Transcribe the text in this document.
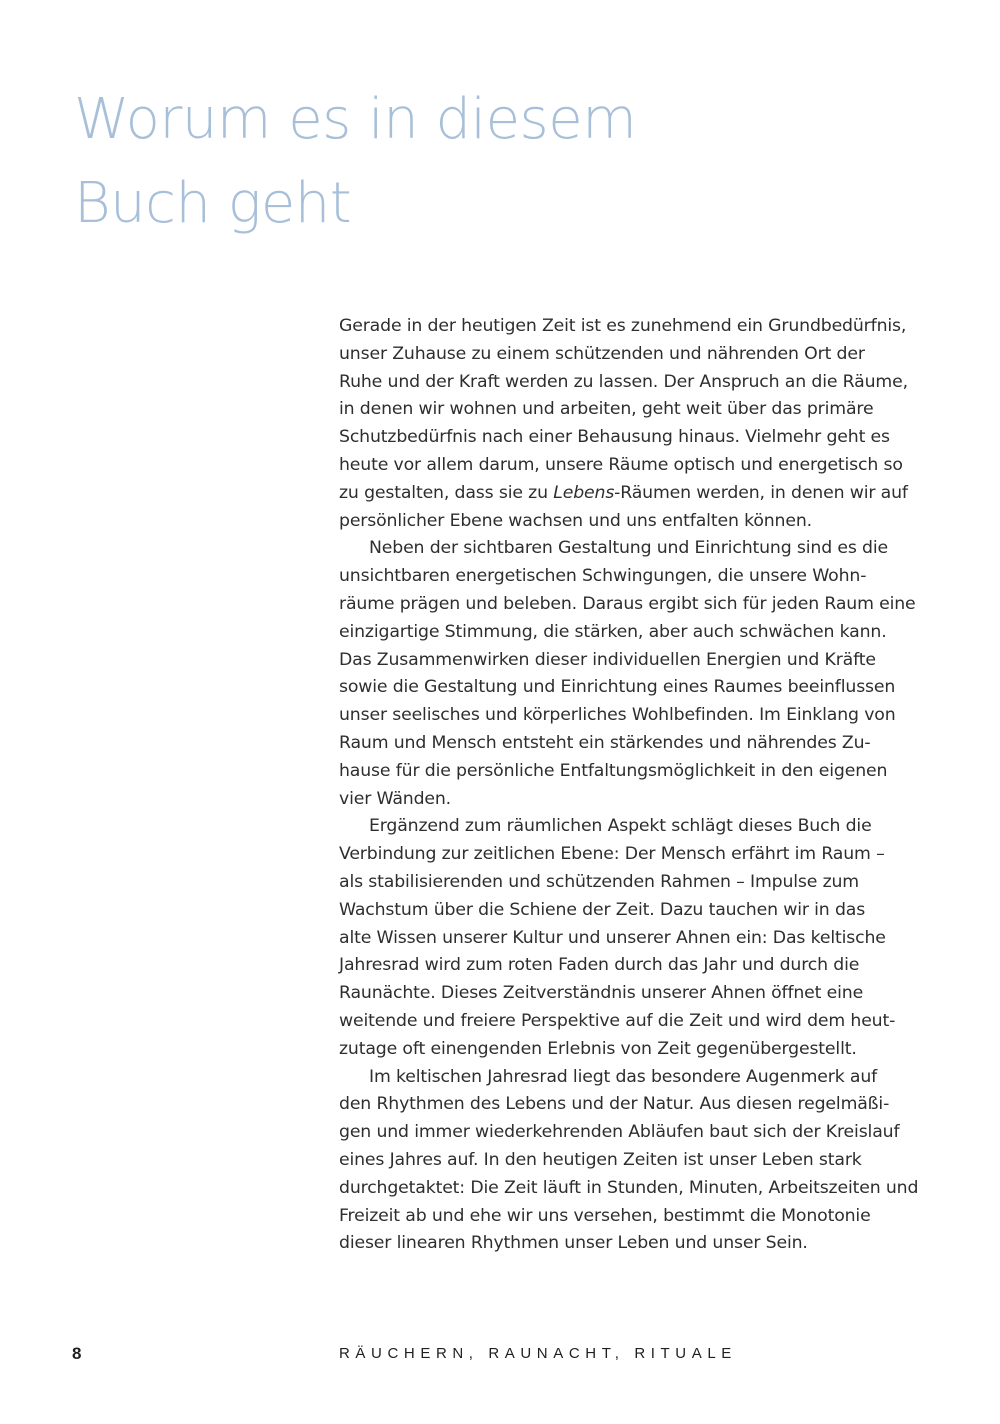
Worum es in diesem
Buch geht
Gerade in der heutigen Zeit ist es zunehmend ein Grundbedürfnis,
unser Zuhause zu einem schützenden und nährenden Ort der
Ruhe und der Kraft werden zu lassen. Der Anspruch an die Räume,
in denen wir wohnen und arbeiten, geht weit über das primäre
Schutzbedürfnis nach einer Behausung hinaus. Vielmehr geht es
heute vor allem darum, unsere Räume optisch und energetisch so
zu gestalten, dass sie zu Lebens-Räumen werden, in denen wir auf
persönlicher Ebene wachsen und uns entfalten können.
Neben der sichtbaren Gestaltung und Einrichtung sind es die
unsichtbaren energetischen Schwingungen, die unsere Wohn-
räume prägen und beleben. Daraus ergibt sich für jeden Raum eine
einzigartige Stimmung, die stärken, aber auch schwächen kann.
Das Zusammenwirken dieser individuellen Energien und Kräfte
sowie die Gestaltung und Einrichtung eines Raumes beeinflussen
unser seelisches und körperliches Wohlbefinden. Im Einklang von
Raum und Mensch entsteht ein stärkendes und nährendes Zu-
hause für die persönliche Entfaltungsmöglichkeit in den eigenen
vier Wänden.
Ergänzend zum räumlichen Aspekt schlägt dieses Buch die
Verbindung zur zeitlichen Ebene: Der Mensch erfährt im Raum –
als stabilisierenden und schützenden Rahmen – Impulse zum
Wachstum über die Schiene der Zeit. Dazu tauchen wir in das
alte Wissen unserer Kultur und unserer Ahnen ein: Das keltische
Jahresrad wird zum roten Faden durch das Jahr und durch die
Raunächte. Dieses Zeitverständnis unserer Ahnen öffnet eine
weitende und freiere Perspektive auf die Zeit und wird dem heut-
zutage oft einengenden Erlebnis von Zeit gegenübergestellt.
Im keltischen Jahresrad liegt das besondere Augenmerk auf
den Rhythmen des Lebens und der Natur. Aus diesen regelmäßi-
gen und immer wiederkehrenden Abläufen baut sich der Kreislauf
eines Jahres auf. In den heutigen Zeiten ist unser Leben stark
durchgetaktet: Die Zeit läuft in Stunden, Minuten, Arbeitszeiten und
Freizeit ab und ehe wir uns versehen, bestimmt die Monotonie
dieser linearen Rhythmen unser Leben und unser Sein.
8	RÄUCHERN, RAUNACHT, RITUALE
